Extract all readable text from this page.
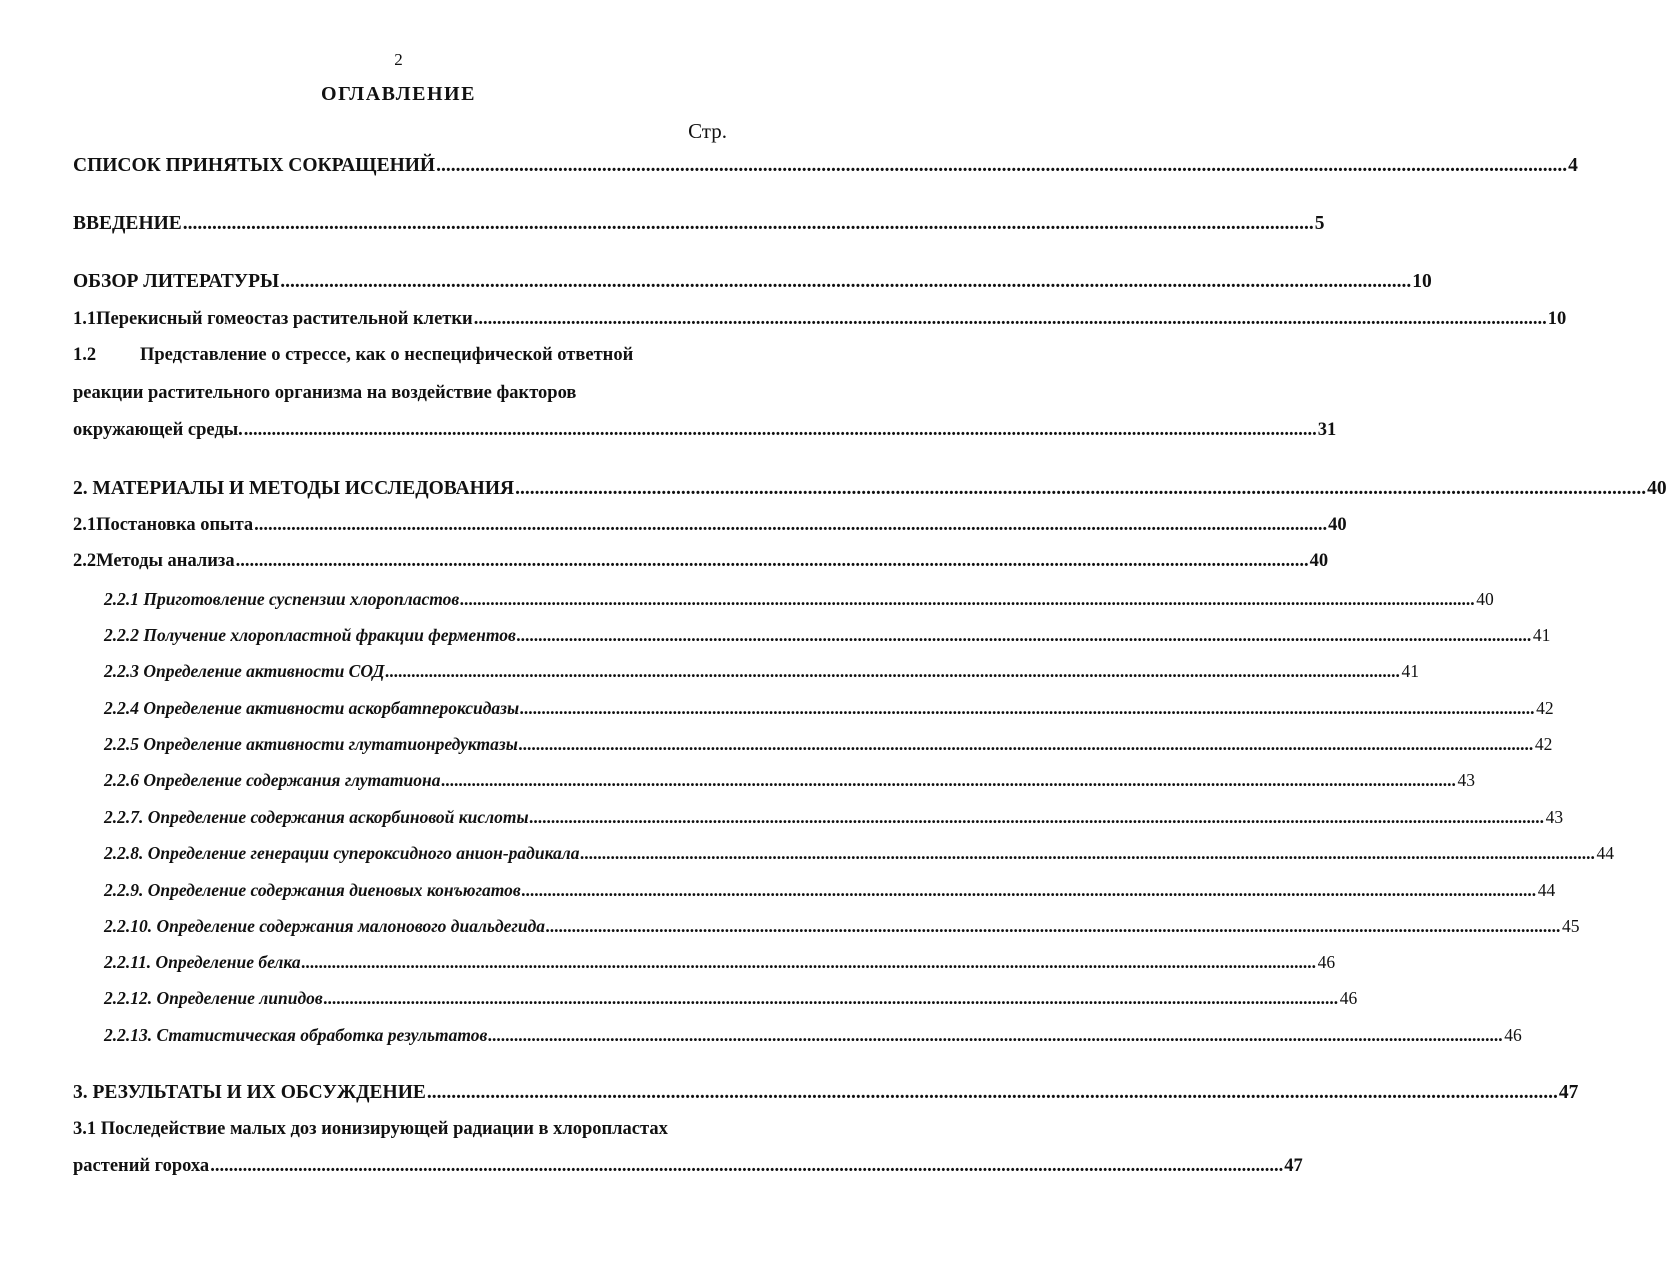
2
ОГЛАВЛЕНИЕ
Стр.
СПИСОК ПРИНЯТЫХ СОКРАЩЕНИЙ .....	4
ВВЕДЕНИЕ .....	5
ОБЗОР ЛИТЕРАТУРЫ .....	10
1.1 Перекисный гомеостаз растительной клетки .....	10
1.2 Представление о стрессе, как о неспецифической ответной
реакции растительного организма на воздействие факторов
окружающей среды. .....	31
2. МАТЕРИАЛЫ И МЕТОДЫ ИССЛЕДОВАНИЯ .....	40
2.1 Постановка опыта .....	40
2.2 Методы анализа .....	40
2.2.1 Приготовление суспензии хлоропластов .....	40
2.2.2 Получение хлоропластной фракции ферментов .....	41
2.2.3 Определение активности СОД .....	41
2.2.4 Определение активности аскорбатпероксидазы .....	42
2.2.5 Определение активности глутатионредуктазы .....	42
2.2.6 Определение содержания глутатиона .....	43
2.2.7. Определение содержания аскорбиновой кислоты .....	43
2.2.8. Определение генерации супероксидного анион-радикала .....	44
2.2.9. Определение содержания диеновых конъюгатов .....	44
2.2.10. Определение содержания малонового диальдегида .....	45
2.2.11. Определение белка .....	46
2.2.12. Определение липидов .....	46
2.2.13. Статистическая обработка результатов .....	46
3. РЕЗУЛЬТАТЫ И ИХ ОБСУЖДЕНИЕ .....	47
3.1 Последействие малых доз ионизирующей радиации в хлоропластах
растений гороха .....	47
